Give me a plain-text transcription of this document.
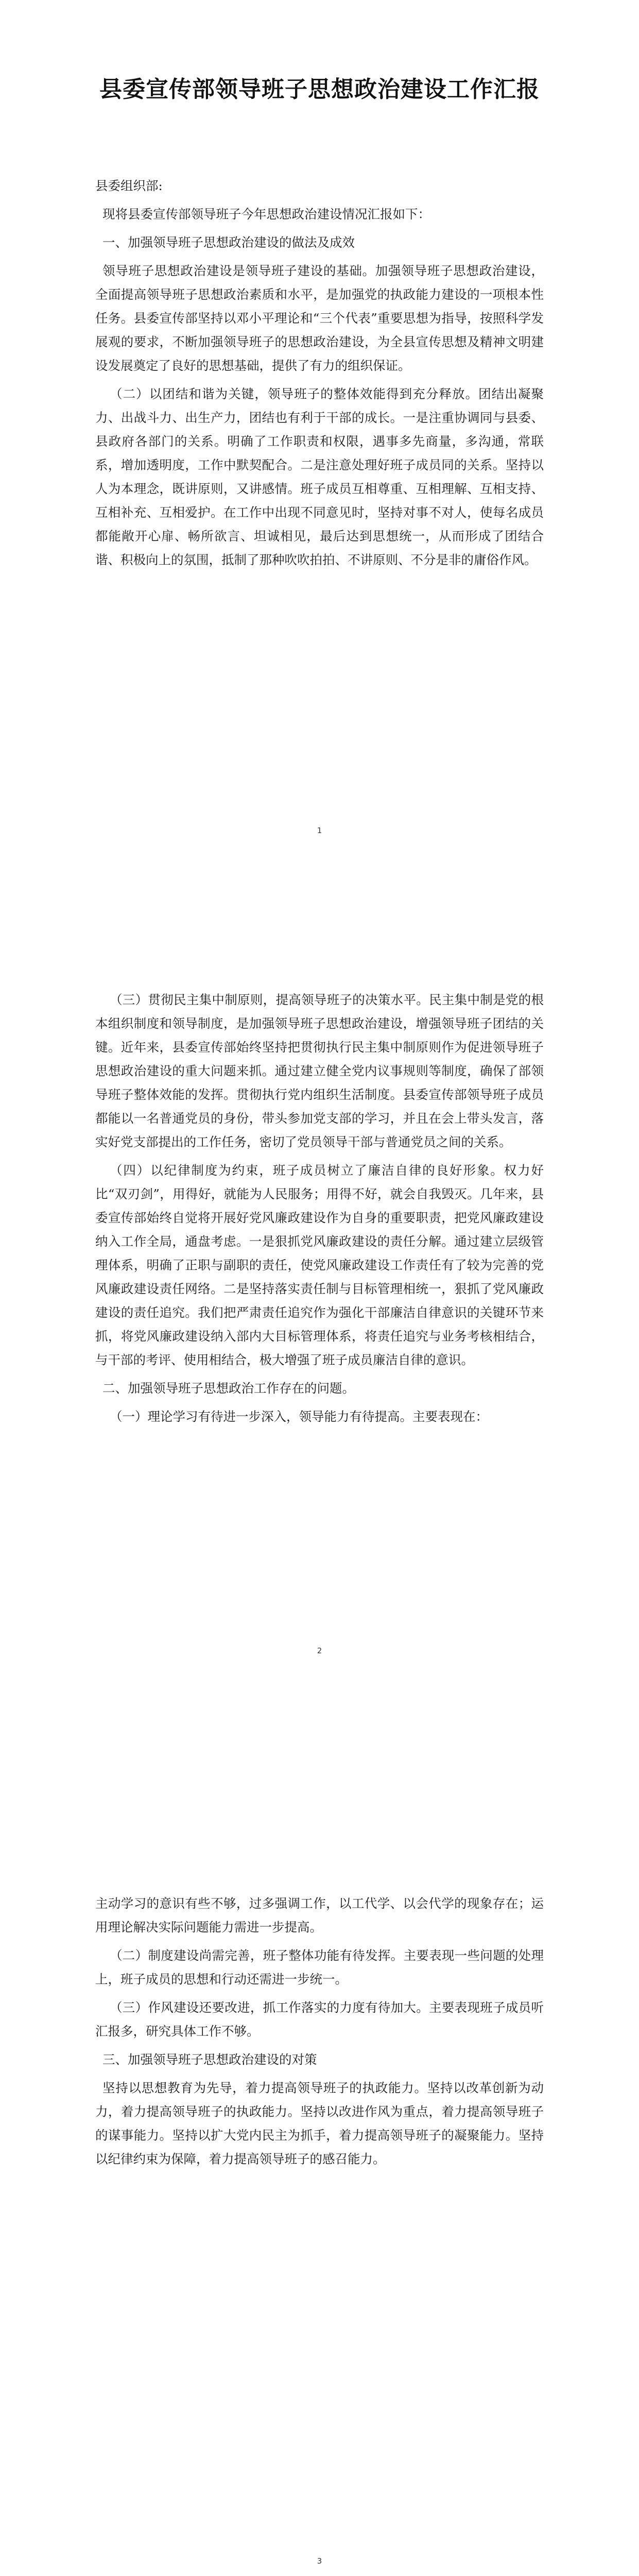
县委宣传部领导班子思想政治建设工作汇报

县委组织部:

现将县委宣传部领导班子今年思想政治建设情况汇报如下：

一、加强领导班子思想政治建设的做法及成效

领导班子思想政治建设是领导班子建设的基础。加强领导班子思想政治建设，全面提高领导班子思想政治素质和水平，是加强党的执政能力建设的一项根本性任务。县委宣传部坚持以邓小平理论和“三个代表”重要思想为指导，按照科学发展观的要求，不断加强领导班子的思想政治建设，为全县宣传思想及精神文明建设发展奠定了良好的思想基础，提供了有力的组织保证。

（二）以团结和谐为关键，领导班子的整体效能得到充分释放。团结出凝聚力、出战斗力、出生产力，团结也有利于干部的成长。一是注重协调同与县委、县政府各部门的关系。明确了工作职责和权限，遇事多先商量，多沟通，常联系，增加透明度，工作中默契配合。二是注意处理好班子成员同的关系。坚持以人为本理念，既讲原则，又讲感情。班子成员互相尊重、互相理解、互相支持、互相补充、互相爱护。在工作中出现不同意见时，坚持对事不对人，使每名成员都能敞开心扉、畅所欲言、坦诚相见，最后达到思想统一，从而形成了团结合谐、积极向上的氛围，抵制了那种吹吹拍拍、不讲原则、不分是非的庸俗作风。

1

（三）贯彻民主集中制原则，提高领导班子的决策水平。民主集中制是党的根本组织制度和领导制度，是加强领导班子思想政治建设，增强领导班子团结的关键。近年来，县委宣传部始终坚持把贯彻执行民主集中制原则作为促进领导班子思想政治建设的重大问题来抓。通过建立健全党内议事规则等制度，确保了部领导班子整体效能的发挥。贯彻执行党内组织生活制度。县委宣传部领导班子成员都能以一名普通党员的身份，带头参加党支部的学习，并且在会上带头发言，落实好党支部提出的工作任务，密切了党员领导干部与普通党员之间的关系。

（四）以纪律制度为约束，班子成员树立了廉洁自律的良好形象。权力好比“双刃剑”，用得好，就能为人民服务；用得不好，就会自我毁灭。几年来，县委宣传部始终自觉将开展好党风廉政建设作为自身的重要职责，把党风廉政建设纳入工作全局，通盘考虑。一是狠抓党风廉政建设的责任分解。通过建立层级管理体系，明确了正职与副职的责任，使党风廉政建设工作责任有了较为完善的党风廉政建设责任网络。二是坚持落实责任制与目标管理相统一，狠抓了党风廉政建设的责任追究。我们把严肃责任追究作为强化干部廉洁自律意识的关键环节来抓，将党风廉政建设纳入部内大目标管理体系，将责任追究与业务考核相结合，与干部的考评、使用相结合，极大增强了班子成员廉洁自律的意识。

二、加强领导班子思想政治工作存在的问题。

（一）理论学习有待进一步深入，领导能力有待提高。主要表现在：

2

主动学习的意识有些不够，过多强调工作，以工代学、以会代学的现象存在；运用理论解决实际问题能力需进一步提高。

（二）制度建设尚需完善，班子整体功能有待发挥。主要表现一些问题的处理上，班子成员的思想和行动还需进一步统一。

（三）作风建设还要改进，抓工作落实的力度有待加大。主要表现班子成员听汇报多，研究具体工作不够。

三、加强领导班子思想政治建设的对策

坚持以思想教育为先导，着力提高领导班子的执政能力。坚持以改革创新为动力，着力提高领导班子的执政能力。坚持以改进作风为重点，着力提高领导班子的谋事能力。坚持以扩大党内民主为抓手，着力提高领导班子的凝聚能力。坚持以纪律约束为保障，着力提高领导班子的感召能力。

3
